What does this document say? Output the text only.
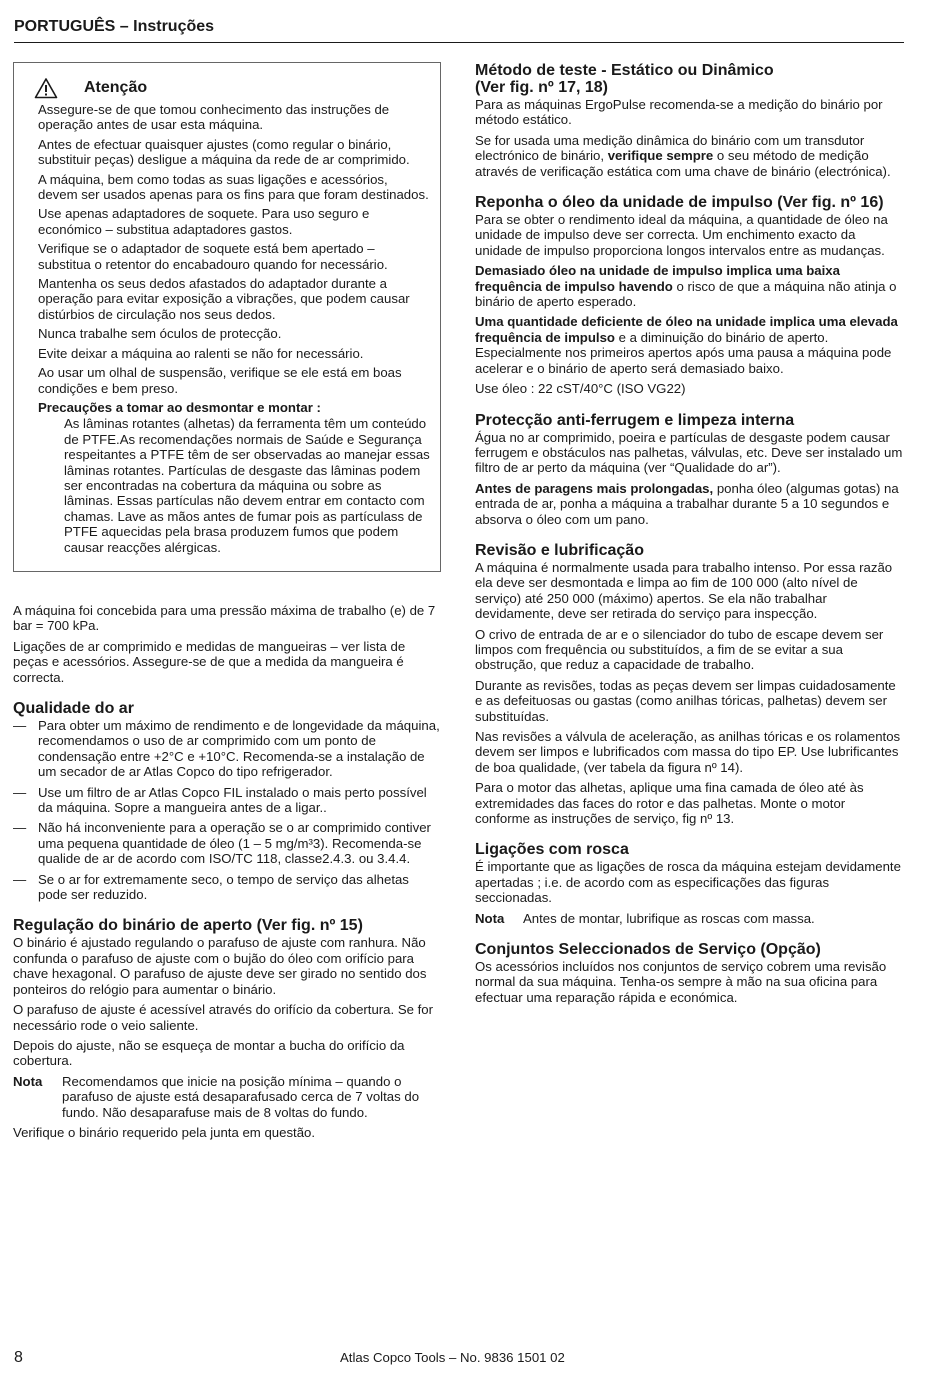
PORTUGUÊS – Instruções
Atenção

Assegure-se de que tomou conhecimento das instruções de operação antes de usar esta máquina.

Antes de efectuar quaisquer ajustes (como regular o binário, substituir peças) desligue a máquina da rede de ar comprimido.

A máquina, bem como todas as suas ligações e acessórios, devem ser usados apenas para os fins para que foram destinados.

Use apenas adaptadores de soquete. Para uso seguro e económico – substitua adaptadores gastos.

Verifique se o adaptador de soquete está bem apertado – substitua o retentor do encabadouro quando for necessário.

Mantenha os seus dedos afastados do adaptador durante a operação para evitar exposição a vibrações, que podem causar distúrbios de circulação nos seus dedos.

Nunca trabalhe sem óculos de protecção.

Evite deixar a máquina ao ralenti se não for necessário.

Ao usar um olhal de suspensão, verifique se ele está em boas condições e bem preso.

Precauções a tomar ao desmontar e montar :

As lâminas rotantes (alhetas) da ferramenta têm um conteúdo de PTFE.As recomendações normais de Saúde e Segurança respeitantes a PTFE têm de ser observadas ao manejar essas lâminas rotantes. Partículas de desgaste das lâminas podem ser encontradas na cobertura da máquina ou sobre as lâminas. Essas partículas não devem entrar em contacto com chamas. Lave as mãos antes de fumar pois as partículass de PTFE aquecidas pela brasa produzem fumos que podem causar reacções alérgicas.

A máquina foi concebida para uma pressão máxima de trabalho (e) de 7 bar = 700 kPa.

Ligações de ar comprimido e medidas de mangueiras – ver lista de peças e acessórios. Assegure-se de que a medida da mangueira é correcta.

Qualidade do ar
— Para obter um máximo de rendimento e de longevidade da máquina, recomendamos o uso de ar comprimido com um ponto de condensação entre +2°C e +10°C. Recomenda-se a instalação de um secador de ar Atlas Copco do tipo refrigerador.
— Use um filtro de ar Atlas Copco FIL instalado o mais perto possível da máquina. Sopre a mangueira antes de a ligar..
— Não há inconveniente para a operação se o ar comprimido contiver uma pequena quantidade de óleo (1 – 5 mg/m³3). Recomenda-se qualide de ar de acordo com ISO/TC 118, classe2.4.3. ou 3.4.4.
— Se o ar for extremamente seco, o tempo de serviço das alhetas pode ser reduzido.
Regulação do binário de aperto (Ver fig. nº 15)

O binário é ajustado regulando o parafuso de ajuste com ranhura. Não confunda o parafuso de ajuste com o bujão do óleo com orifício para chave hexagonal. O parafuso de ajuste deve ser girado no sentido dos ponteiros do relógio para aumentar o binário.

O parafuso de ajuste é acessível através do orifício da cobertura. Se for necessário rode o veio saliente.

Depois do ajuste, não se esqueça de montar a bucha do orifício da cobertura.

Nota	Recomendamos que inicie na posição mínima – quando o parafuso de ajuste está desaparafusado cerca de 7 voltas do fundo. Não desaparafuse mais de 8 voltas do fundo.

Verifique o binário requerido pela junta em questão.

Método de teste - Estático ou Dinâmico
(Ver fig. nº 17, 18)

Para as máquinas ErgoPulse recomenda-se a medição do binário por método estático.

Se for usada uma medição dinâmica do binário com um transdutor electrónico de binário, verifique sempre o seu método de medição através de verificação estática com uma chave de binário (electrónica).

Reponha o óleo da unidade de impulso (Ver fig. nº 16)

Para se obter o rendimento ideal da máquina, a quantidade de óleo na unidade de impulso deve ser correcta. Um enchimento exacto da unidade de impulso proporciona longos intervalos entre as mudanças.

Demasiado óleo na unidade de impulso implica uma baixa frequência de impulso havendo o risco de que a máquina não atinja o binário de aperto esperado.

Uma quantidade deficiente de óleo na unidade implica uma elevada frequência de impulso e a diminuição do binário de aperto. Especialmente nos primeiros apertos após uma pausa a máquina pode acelerar e o binário de aperto será demasiado baixo.

Use óleo : 22 cST/40°C (ISO VG22)

Protecção anti-ferrugem e limpeza interna

Água no ar comprimido, poeira e partículas de desgaste podem causar ferrugem e obstáculos nas palhetas, válvulas, etc. Deve ser instalado um filtro de ar perto da máquina (ver “Qualidade do ar”).

Antes de paragens mais prolongadas, ponha óleo (algumas gotas) na entrada de ar, ponha a máquina a trabalhar durante 5 a 10 segundos e absorva o óleo com um pano.

Revisão e lubrificação

A máquina é normalmente usada para trabalho intenso. Por essa razão ela deve ser desmontada e limpa ao fim de 100 000 (alto nível de serviço) até 250 000 (máximo) apertos. Se ela não trabalhar devidamente, deve ser retirada do serviço para inspecção.

O crivo de entrada de ar e o silenciador do tubo de escape devem ser limpos com frequência ou substituídos, a fim de se evitar a sua obstrução, que reduz a capacidade de trabalho.

Durante as revisões, todas as peças devem ser limpas cuidadosamente e as defeituosas ou gastas (como anilhas tóricas, palhetas) devem ser substituídas.

Nas revisões a válvula de aceleração, as anilhas tóricas e os rolamentos devem ser limpos e lubrificados com massa do tipo EP. Use lubrificantes de boa qualidade, (ver tabela da figura nº 14).

Para o motor das alhetas, aplique uma fina camada de óleo até às extremidades das faces do rotor e das palhetas. Monte o motor conforme as instruções de serviço, fig nº 13.

Ligações com rosca

É importante que as ligações de rosca da máquina estejam devidamente apertadas ; i.e. de acordo com as especificações das figuras seccionadas.

Nota	Antes de montar, lubrifique as roscas com massa.
Conjuntos Seleccionados de Serviço (Opção)

Os acessórios incluídos nos conjuntos de serviço cobrem uma revisão normal da sua máquina. Tenha-os sempre à mão na sua oficina para efectuar uma reparação rápida e económica.

8	Atlas Copco Tools – No. 9836 1501 02
